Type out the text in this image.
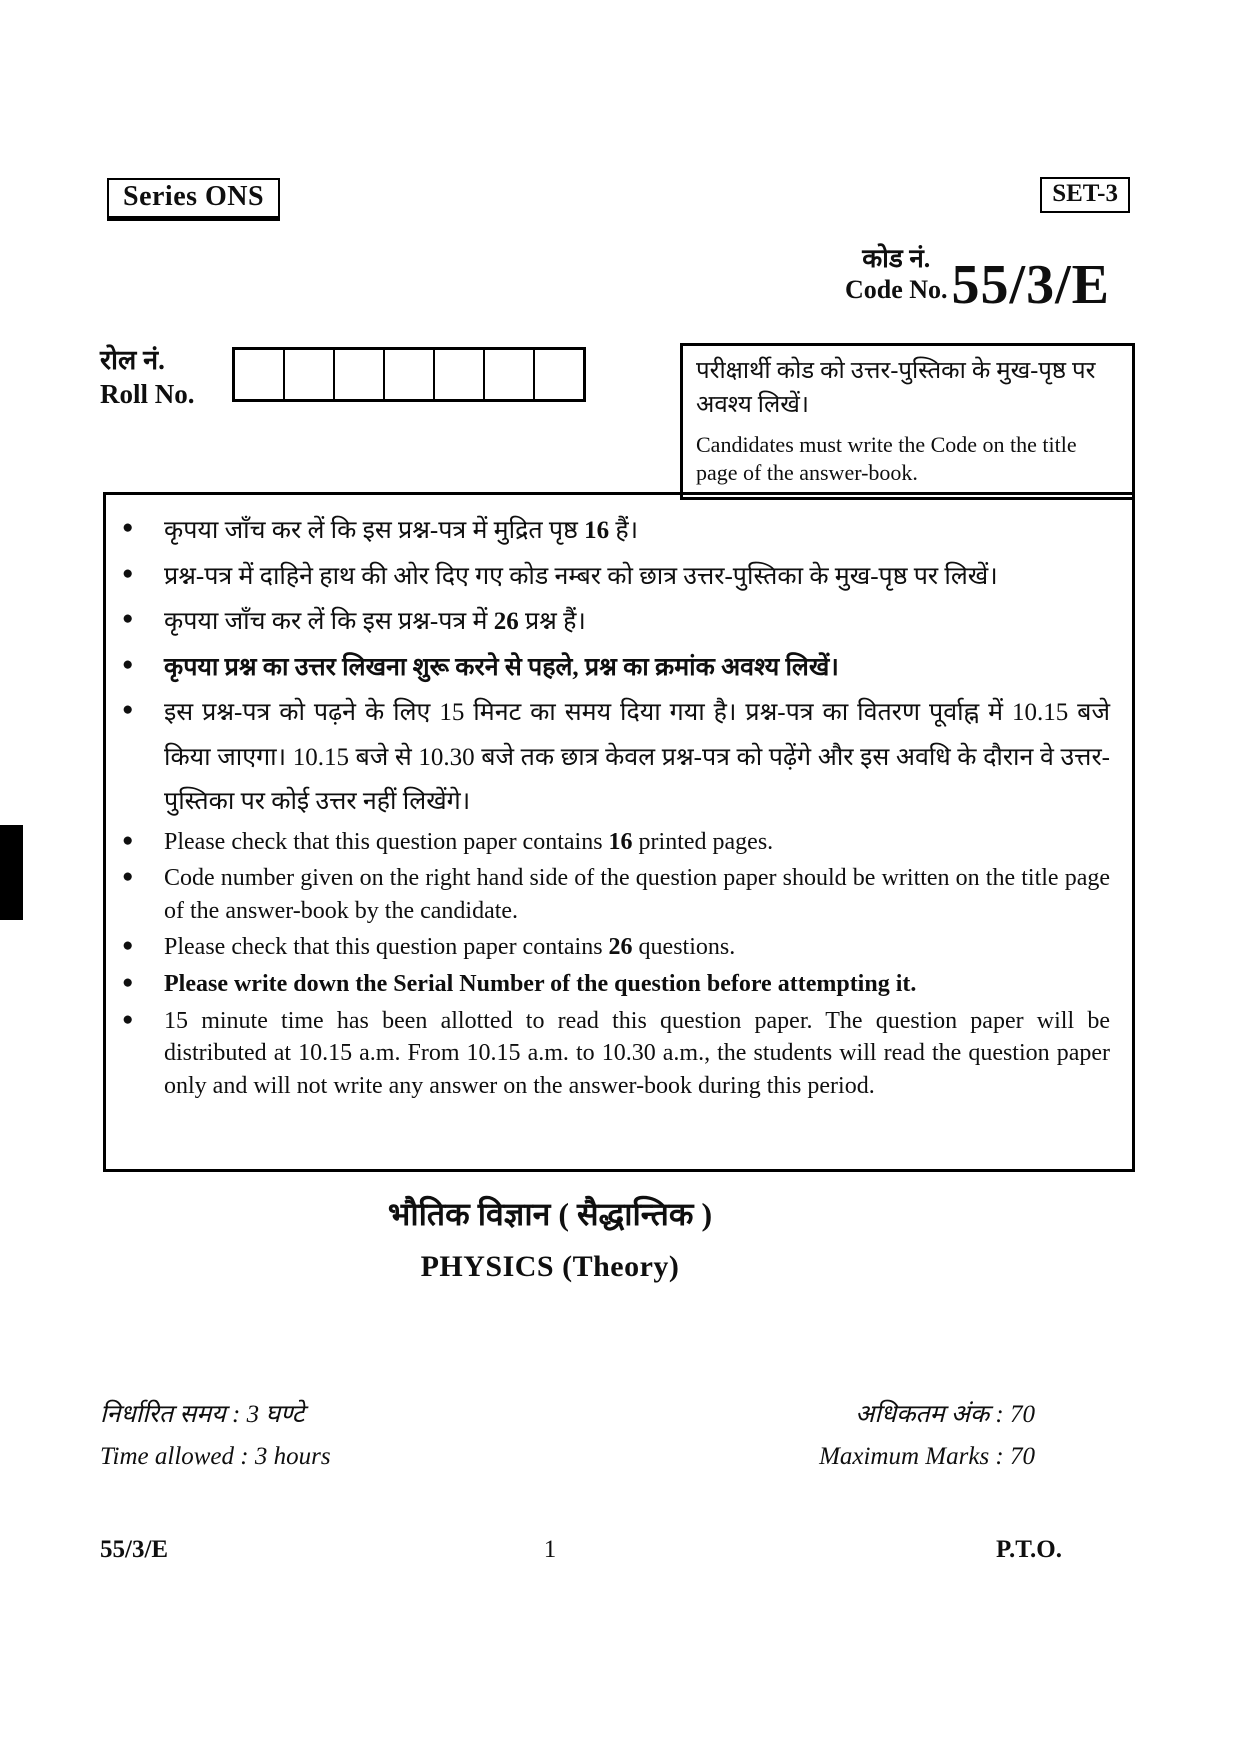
Series ONS	SET-3
कोड नं.
Code No. 55/3/E
रोल नं.
Roll No.

परीक्षार्थी कोड को उत्तर-पुस्तिका के मुख-पृष्ठ पर अवश्य लिखें।

Candidates must write the Code on the title page of the answer-book.

●	कृपया जाँच कर लें कि इस प्रश्न-पत्र में मुद्रित पृष्ठ 16 हैं।
●	प्रश्न-पत्र में दाहिने हाथ की ओर दिए गए कोड नम्बर को छात्र उत्तर-पुस्तिका के मुख-पृष्ठ पर लिखें।
●	कृपया जाँच कर लें कि इस प्रश्न-पत्र में 26 प्रश्न हैं।
●	कृपया प्रश्न का उत्तर लिखना शुरू करने से पहले, प्रश्न का क्रमांक अवश्य लिखें।
●	इस प्रश्न-पत्र को पढ़ने के लिए 15 मिनट का समय दिया गया है। प्रश्न-पत्र का वितरण पूर्वाह्न में 10.15 बजे किया जाएगा। 10.15 बजे से 10.30 बजे तक छात्र केवल प्रश्न-पत्र को पढ़ेंगे और इस अवधि के दौरान वे उत्तर-पुस्तिका पर कोई उत्तर नहीं लिखेंगे।
●	Please check that this question paper contains 16 printed pages.
●	Code number given on the right hand side of the question paper should be written on the title page of the answer-book by the candidate.
●	Please check that this question paper contains 26 questions.
●	Please write down the Serial Number of the question before attempting it.
●	15 minute time has been allotted to read this question paper. The question paper will be distributed at 10.15 a.m. From 10.15 a.m. to 10.30 a.m., the students will read the question paper only and will not write any answer on the answer-book during this period.
भौतिक विज्ञान ( सैद्धान्तिक )
PHYSICS (Theory)
निर्धारित समय : 3 घण्टे	अधिकतम अंक : 70
Time allowed : 3 hours	Maximum Marks : 70
55/3/E	1	P.T.O.
